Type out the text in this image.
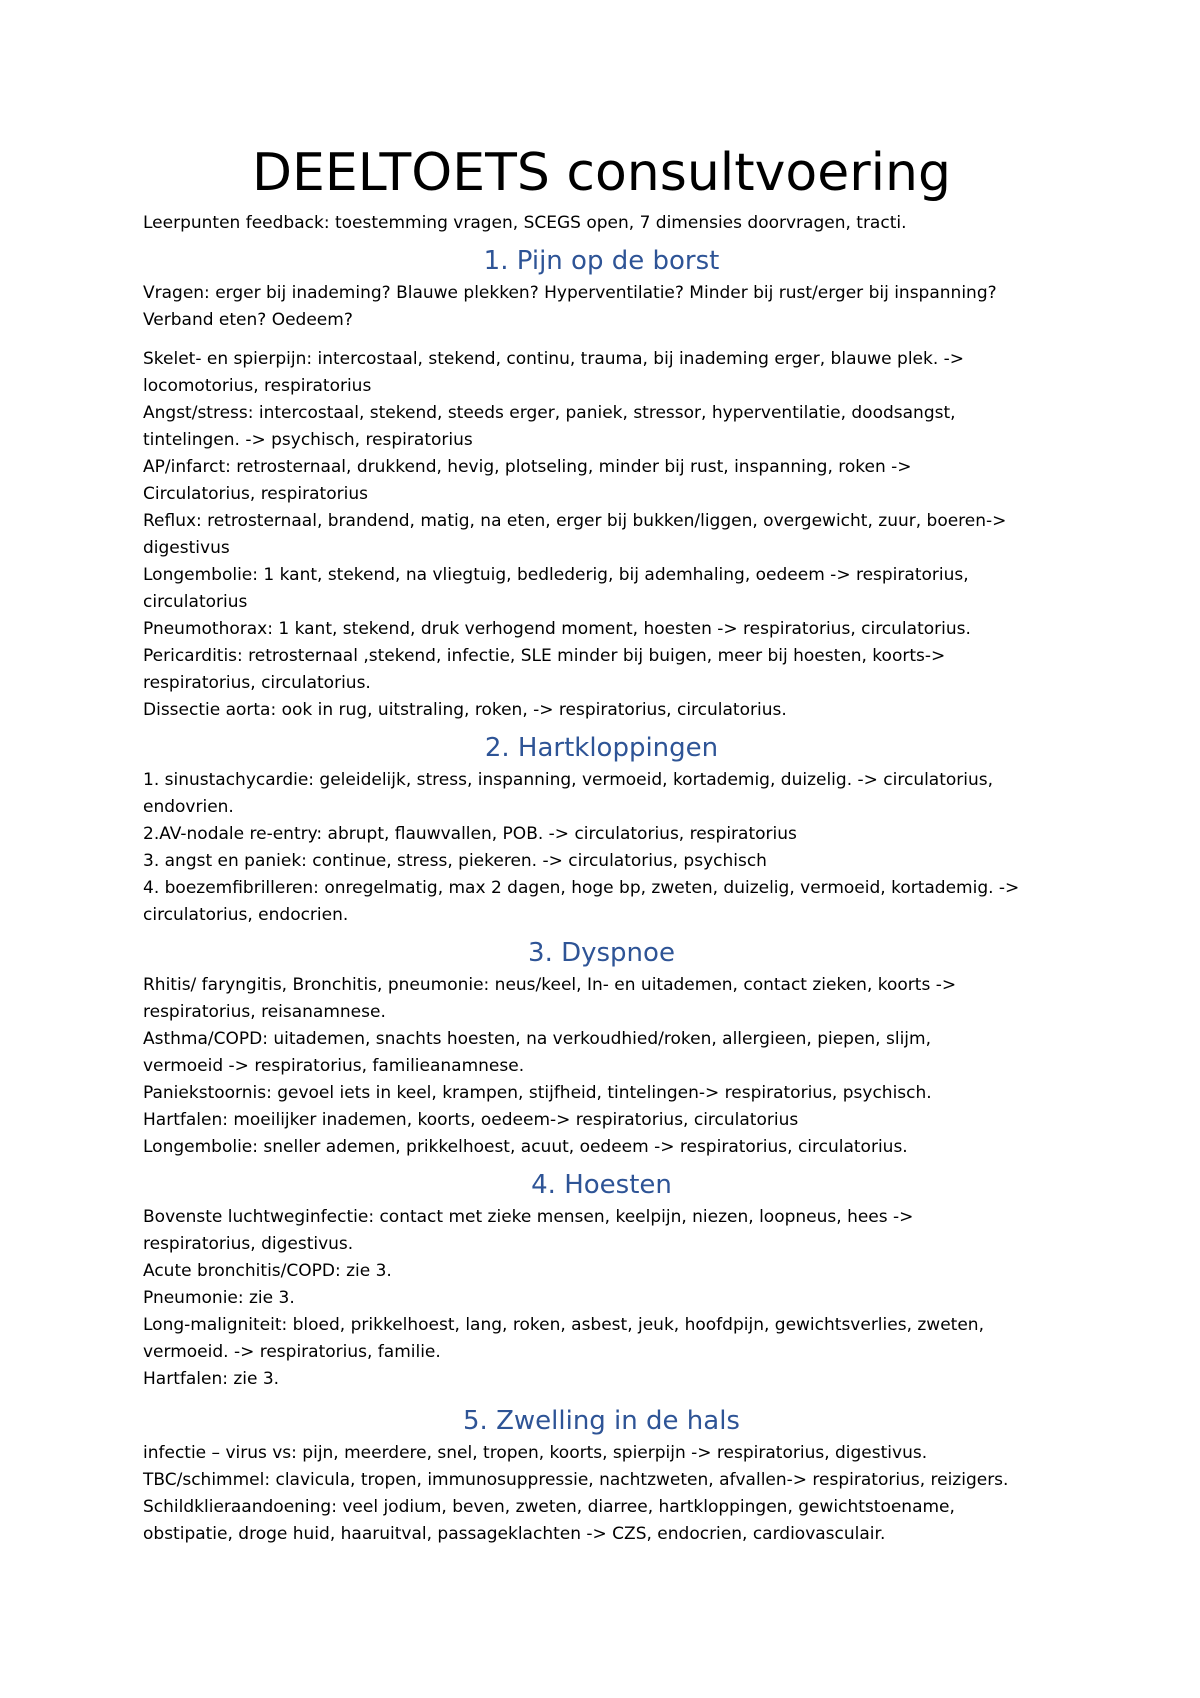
DEELTOETS consultvoering

Leerpunten feedback: toestemming vragen, SCEGS open, 7 dimensies doorvragen, tracti.

1. Pijn op de borst

Vragen: erger bij inademing? Blauwe plekken? Hyperventilatie? Minder bij rust/erger bij inspanning?

Verband eten? Oedeem?

Skelet- en spierpijn: intercostaal, stekend, continu, trauma, bij inademing erger, blauwe plek. ->

locomotorius, respiratorius

Angst/stress: intercostaal, stekend, steeds erger, paniek, stressor, hyperventilatie, doodsangst,

tintelingen. -> psychisch, respiratorius

AP/infarct: retrosternaal, drukkend, hevig, plotseling, minder bij rust, inspanning, roken ->

Circulatorius, respiratorius

Reflux: retrosternaal, brandend, matig, na eten, erger bij bukken/liggen, overgewicht, zuur, boeren->

digestivus

Longembolie: 1 kant, stekend, na vliegtuig, bedlederig, bij ademhaling, oedeem -> respiratorius,

circulatorius

Pneumothorax: 1 kant, stekend, druk verhogend moment, hoesten -> respiratorius, circulatorius.

Pericarditis: retrosternaal ,stekend, infectie, SLE minder bij buigen, meer bij hoesten, koorts->

respiratorius, circulatorius.

Dissectie aorta: ook in rug, uitstraling, roken, -> respiratorius, circulatorius.

2. Hartkloppingen

1. sinustachycardie: geleidelijk, stress, inspanning, vermoeid, kortademig, duizelig. -> circulatorius,

endovrien.

2.AV-nodale re-entry: abrupt, flauwvallen, POB. -> circulatorius, respiratorius

3. angst en paniek: continue, stress, piekeren. -> circulatorius, psychisch

4. boezemfibrilleren: onregelmatig, max 2 dagen, hoge bp, zweten, duizelig, vermoeid, kortademig. ->

circulatorius, endocrien.

3. Dyspnoe

Rhitis/ faryngitis, Bronchitis, pneumonie: neus/keel, In- en uitademen, contact zieken, koorts ->

respiratorius, reisanamnese.

Asthma/COPD: uitademen, snachts hoesten, na verkoudhied/roken, allergieen, piepen, slijm,

vermoeid -> respiratorius, familieanamnese.

Paniekstoornis: gevoel iets in keel, krampen, stijfheid, tintelingen-> respiratorius, psychisch.

Hartfalen: moeilijker inademen, koorts, oedeem-> respiratorius, circulatorius

Longembolie: sneller ademen, prikkelhoest, acuut, oedeem -> respiratorius, circulatorius.

4. Hoesten

Bovenste luchtweginfectie: contact met zieke mensen, keelpijn, niezen, loopneus, hees ->

respiratorius, digestivus.

Acute bronchitis/COPD: zie 3.

Pneumonie: zie 3.

Long-maligniteit: bloed, prikkelhoest, lang, roken, asbest, jeuk, hoofdpijn, gewichtsverlies, zweten,

vermoeid. -> respiratorius, familie.

Hartfalen: zie 3.

5. Zwelling in de hals

infectie – virus vs: pijn, meerdere, snel, tropen, koorts, spierpijn -> respiratorius, digestivus.

TBC/schimmel: clavicula, tropen, immunosuppressie, nachtzweten, afvallen-> respiratorius, reizigers.

Schildklieraandoening: veel jodium, beven, zweten, diarree, hartkloppingen, gewichtstoename,

obstipatie, droge huid, haaruitval, passageklachten -> CZS, endocrien, cardiovasculair.
